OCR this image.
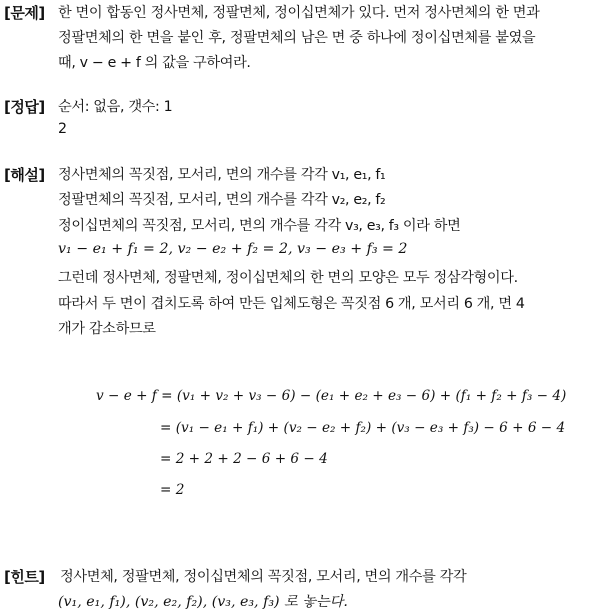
[문제] 한 면이 합동인 정사면체, 정팔면체, 정이십면체가 있다. 먼저 정사면체의 한 면과
정팔면체의 한 면을 붙인 후, 정팔면체의 남은 면 중 하나에 정이십면체를 붙였을
때, v − e + f 의 값을 구하여라.
[정답] 순서: 없음, 갯수: 1
2
[해설] 정사면체의 꼭짓점, 모서리, 면의 개수를 각각 v₁, e₁, f₁
정팔면체의 꼭짓점, 모서리, 면의 개수를 각각 v₂, e₂, f₂
정이십면체의 꼭짓점, 모서리, 면의 개수를 각각 v₃, e₃, f₃ 이라 하면
v₁ − e₁ + f₁ = 2, v₂ − e₂ + f₂ = 2, v₃ − e₃ + f₃ = 2
그런데 정사면체, 정팔면체, 정이십면체의 한 면의 모양은 모두 정삼각형이다.
따라서 두 면이 겹치도록 하여 만든 입체도형은 꼭짓점 6 개, 모서리 6 개, 면 4
개가 감소하므로
v − e + f = (v₁ + v₂ + v₃ − 6) − (e₁ + e₂ + e₃ − 6) + (f₁ + f₂ + f₃ − 4)
= (v₁ − e₁ + f₁) + (v₂ − e₂ + f₂) + (v₃ − e₃ + f₃) − 6 + 6 − 4
= 2 + 2 + 2 − 6 + 6 − 4
= 2
[힌트] 정사면체, 정팔면체, 정이십면체의 꼭짓점, 모서리, 면의 개수를 각각
(v₁, e₁, f₁), (v₂, e₂, f₂), (v₃, e₃, f₃) 로 놓는다.
